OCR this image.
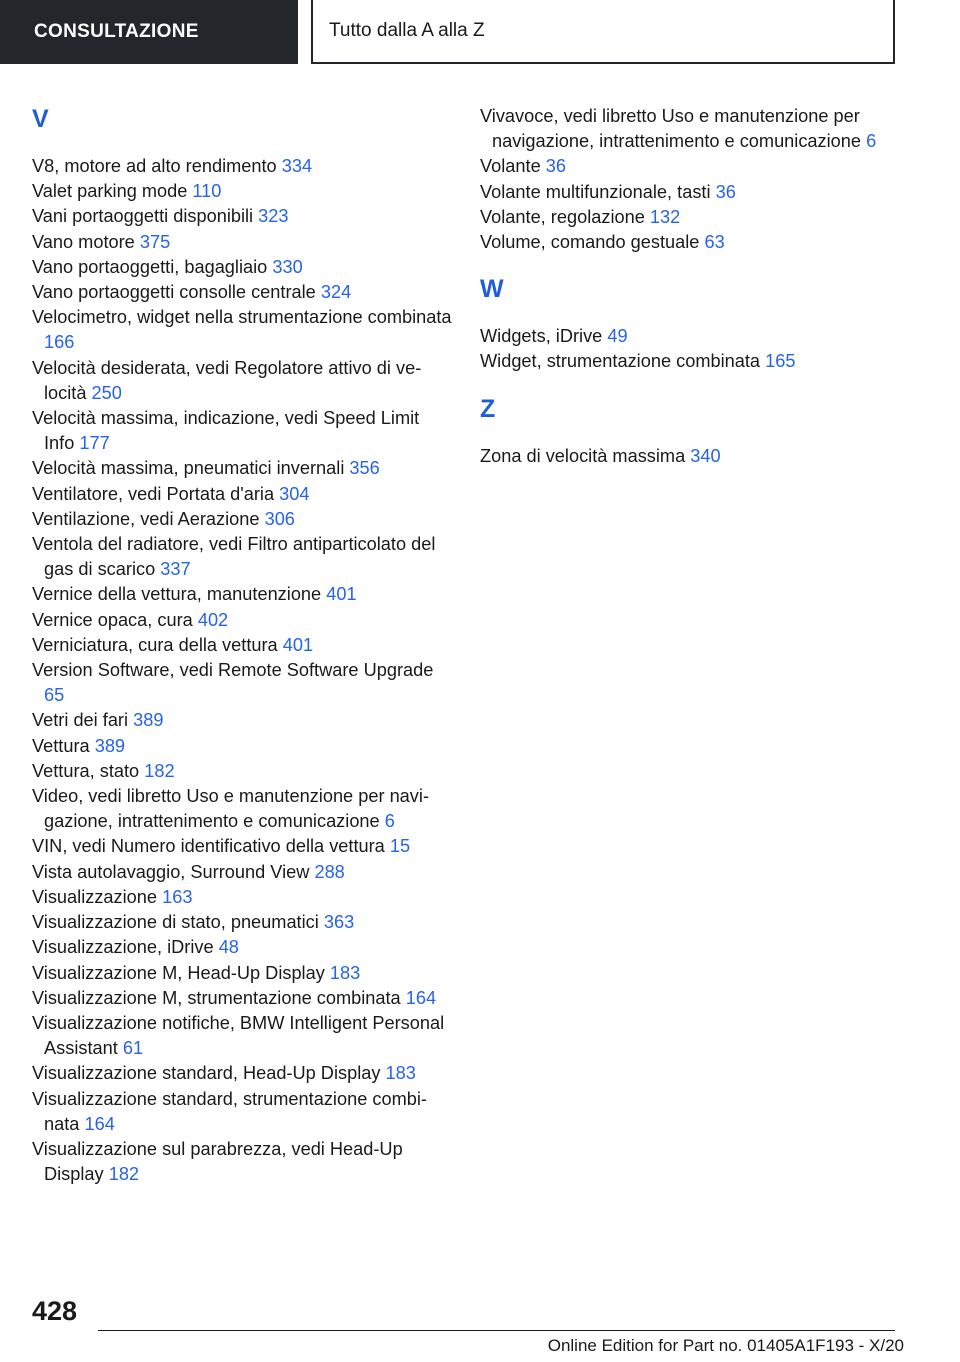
CONSULTAZIONE	Tutto dalla A alla Z
V
V8, motore ad alto rendimento 334
Valet parking mode 110
Vani portaoggetti disponibili 323
Vano motore 375
Vano portaoggetti, bagagliaio 330
Vano portaoggetti consolle centrale 324
Velocimetro, widget nella strumentazione combinata 166
Velocità desiderata, vedi Regolatore attivo di velocità 250
Velocità massima, indicazione, vedi Speed Limit Info 177
Velocità massima, pneumatici invernali 356
Ventilatore, vedi Portata d'aria 304
Ventilazione, vedi Aerazione 306
Ventola del radiatore, vedi Filtro antiparticolato del gas di scarico 337
Vernice della vettura, manutenzione 401
Vernice opaca, cura 402
Verniciatura, cura della vettura 401
Version Software, vedi Remote Software Upgrade 65
Vetri dei fari 389
Vettura 389
Vettura, stato 182
Video, vedi libretto Uso e manutenzione per navigazione, intrattenimento e comunicazione 6
VIN, vedi Numero identificativo della vettura 15
Vista autolavaggio, Surround View 288
Visualizzazione 163
Visualizzazione di stato, pneumatici 363
Visualizzazione, iDrive 48
Visualizzazione M, Head-Up Display 183
Visualizzazione M, strumentazione combinata 164
Visualizzazione notifiche, BMW Intelligent Personal Assistant 61
Visualizzazione standard, Head-Up Display 183
Visualizzazione standard, strumentazione combinata 164
Visualizzazione sul parabrezza, vedi Head-Up Display 182
Vivavoce, vedi libretto Uso e manutenzione per navigazione, intrattenimento e comunicazione 6
Volante 36
Volante multifunzionale, tasti 36
Volante, regolazione 132
Volume, comando gestuale 63
W
Widgets, iDrive 49
Widget, strumentazione combinata 165
Z
Zona di velocità massima 340
428
Online Edition for Part no. 01405A1F193 - X/20
